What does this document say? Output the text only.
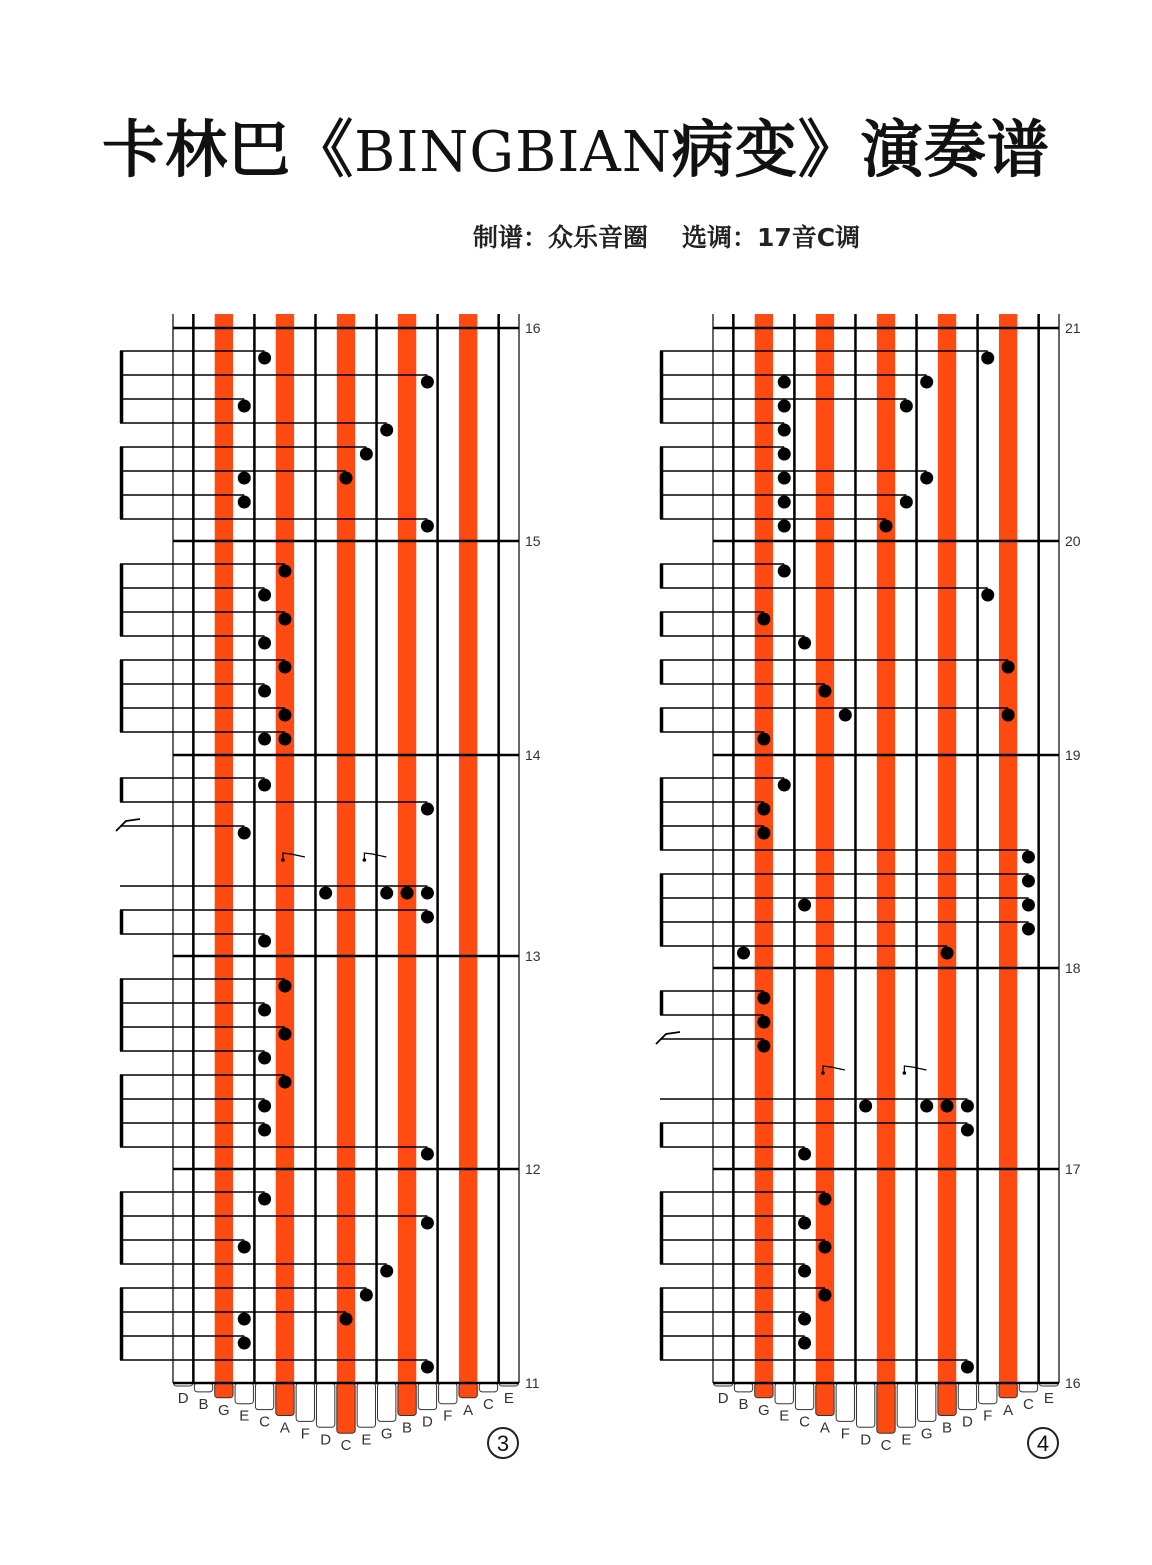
卡林巴《BINGBIAN病变》演奏谱
制谱：众乐音圈 选调：17音C调
D B G E C A F D C E G B D F A C E
16
15
14
13
12
11
3
D B G E C A F D C E G B D F A C E
21
20
19
18
17
16
4
